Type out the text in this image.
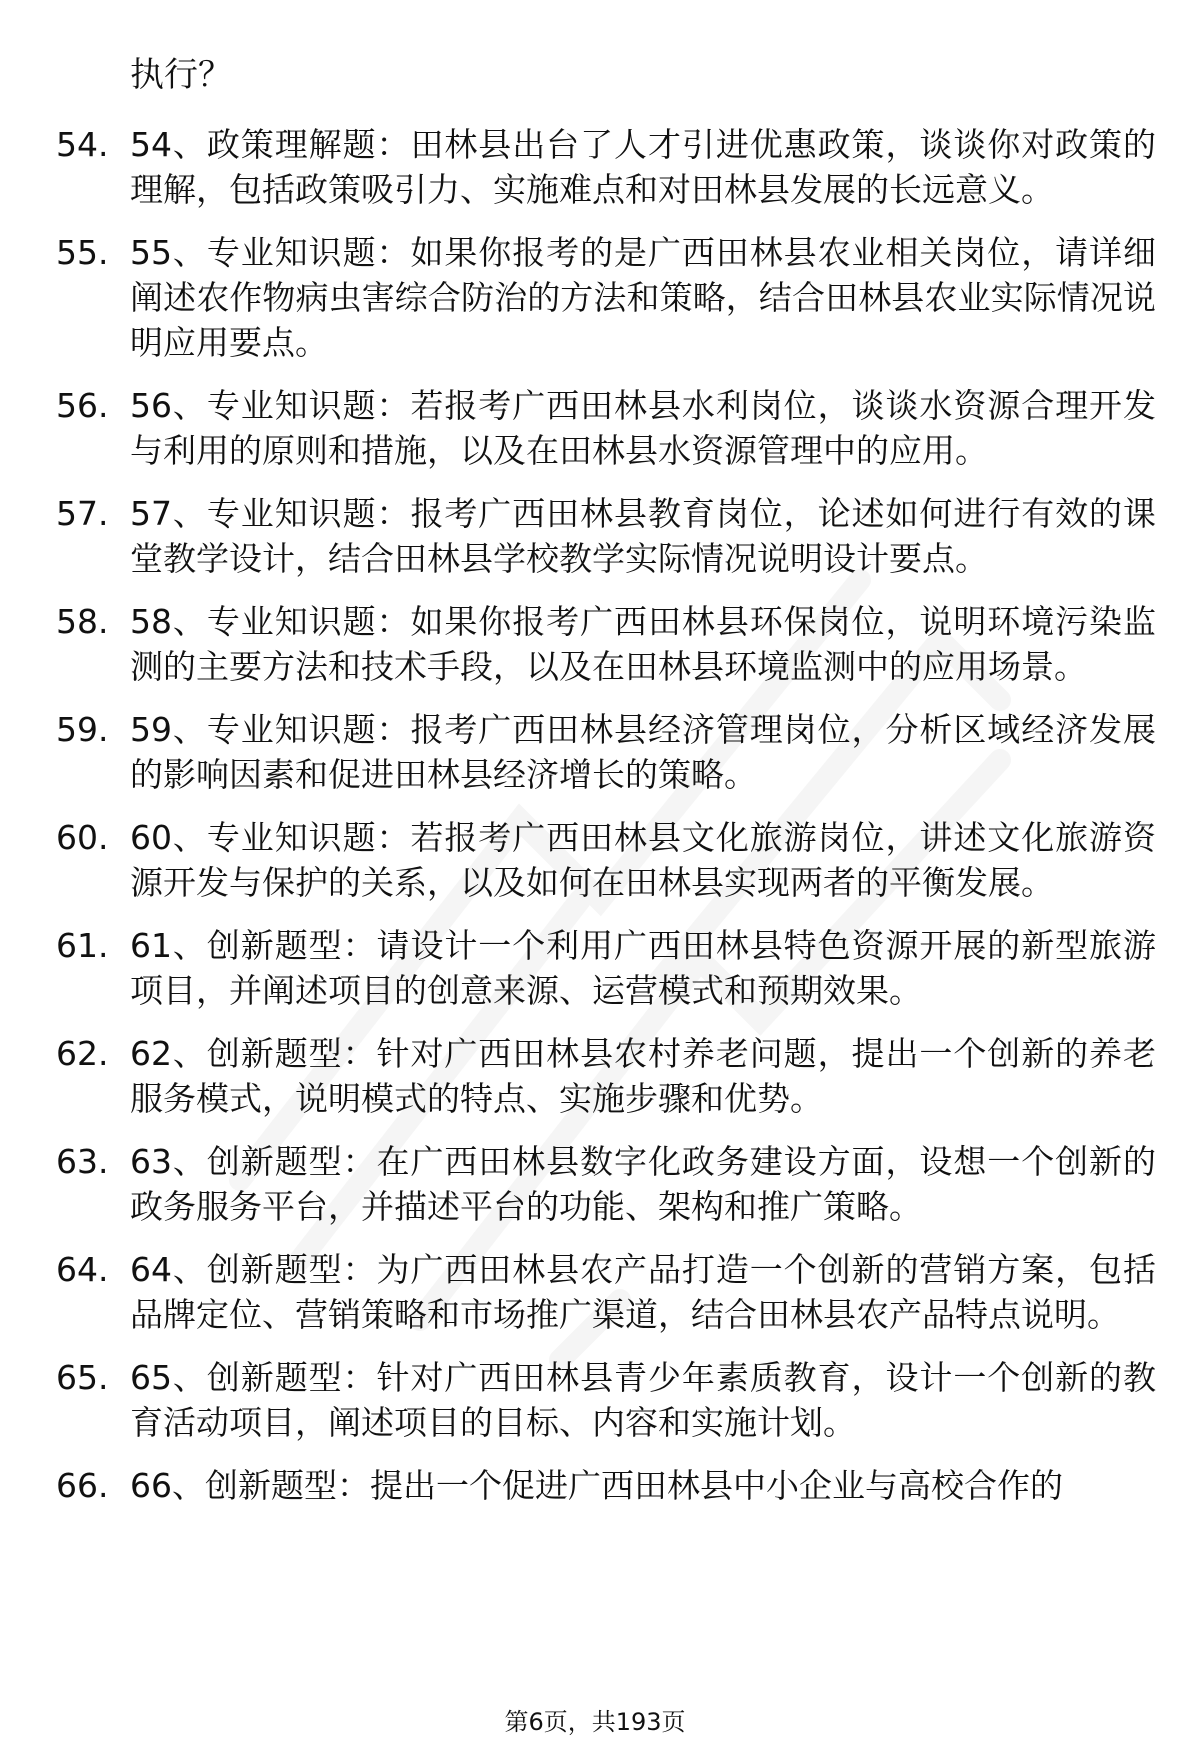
执行？
54. 54、政策理解题：田林县出台了人才引进优惠政策，谈谈你对政策的理解，包括政策吸引力、实施难点和对田林县发展的长远意义。
55. 55、专业知识题：如果你报考的是广西田林县农业相关岗位，请详细阐述农作物病虫害综合防治的方法和策略，结合田林县农业实际情况说明应用要点。
56. 56、专业知识题：若报考广西田林县水利岗位，谈谈水资源合理开发与利用的原则和措施，以及在田林县水资源管理中的应用。
57. 57、专业知识题：报考广西田林县教育岗位，论述如何进行有效的课堂教学设计，结合田林县学校教学实际情况说明设计要点。
58. 58、专业知识题：如果你报考广西田林县环保岗位，说明环境污染监测的主要方法和技术手段，以及在田林县环境监测中的应用场景。
59. 59、专业知识题：报考广西田林县经济管理岗位，分析区域经济发展的影响因素和促进田林县经济增长的策略。
60. 60、专业知识题：若报考广西田林县文化旅游岗位，讲述文化旅游资源开发与保护的关系，以及如何在田林县实现两者的平衡发展。
61. 61、创新题型：请设计一个利用广西田林县特色资源开展的新型旅游项目，并阐述项目的创意来源、运营模式和预期效果。
62. 62、创新题型：针对广西田林县农村养老问题，提出一个创新的养老服务模式，说明模式的特点、实施步骤和优势。
63. 63、创新题型：在广西田林县数字化政务建设方面，设想一个创新的政务服务平台，并描述平台的功能、架构和推广策略。
64. 64、创新题型：为广西田林县农产品打造一个创新的营销方案，包括品牌定位、营销策略和市场推广渠道，结合田林县农产品特点说明。
65. 65、创新题型：针对广西田林县青少年素质教育，设计一个创新的教育活动项目，阐述项目的目标、内容和实施计划。
66. 66、创新题型：提出一个促进广西田林县中小企业与高校合作的
第6页，共193页
